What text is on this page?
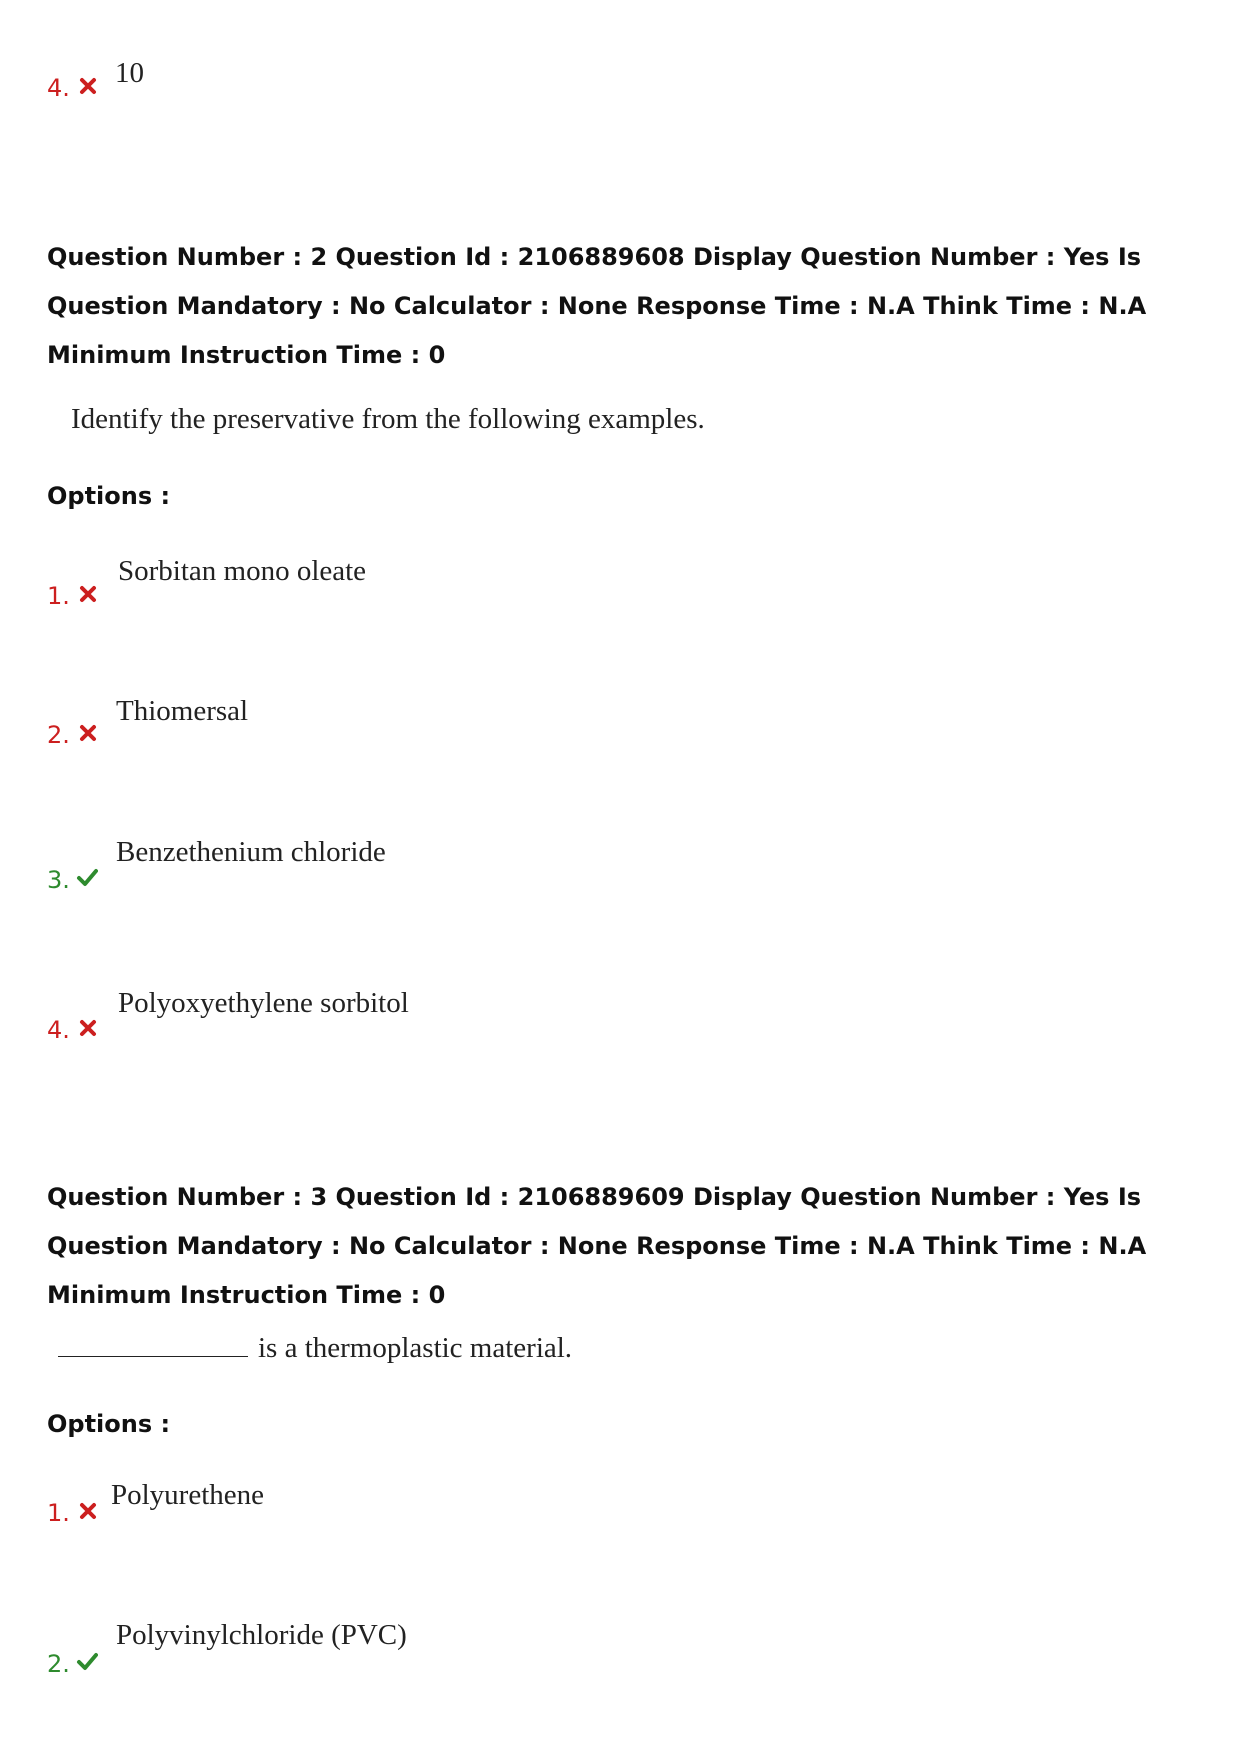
4. 10
Question Number : 2 Question Id : 2106889608 Display Question Number : Yes Is Question Mandatory : No Calculator : None Response Time : N.A Think Time : N.A Minimum Instruction Time : 0
Identify the preservative from the following examples.
Options :
1.
Sorbitan mono oleate
2.
Thiomersal
3.
Benzethenium chloride
4.
Polyoxyethylene sorbitol
Question Number : 3 Question Id : 2106889609 Display Question Number : Yes Is Question Mandatory : No Calculator : None Response Time : N.A Think Time : N.A Minimum Instruction Time : 0
is a thermoplastic material.
Options :
1.
Polyurethene
2.
Polyvinylchloride (PVC)
